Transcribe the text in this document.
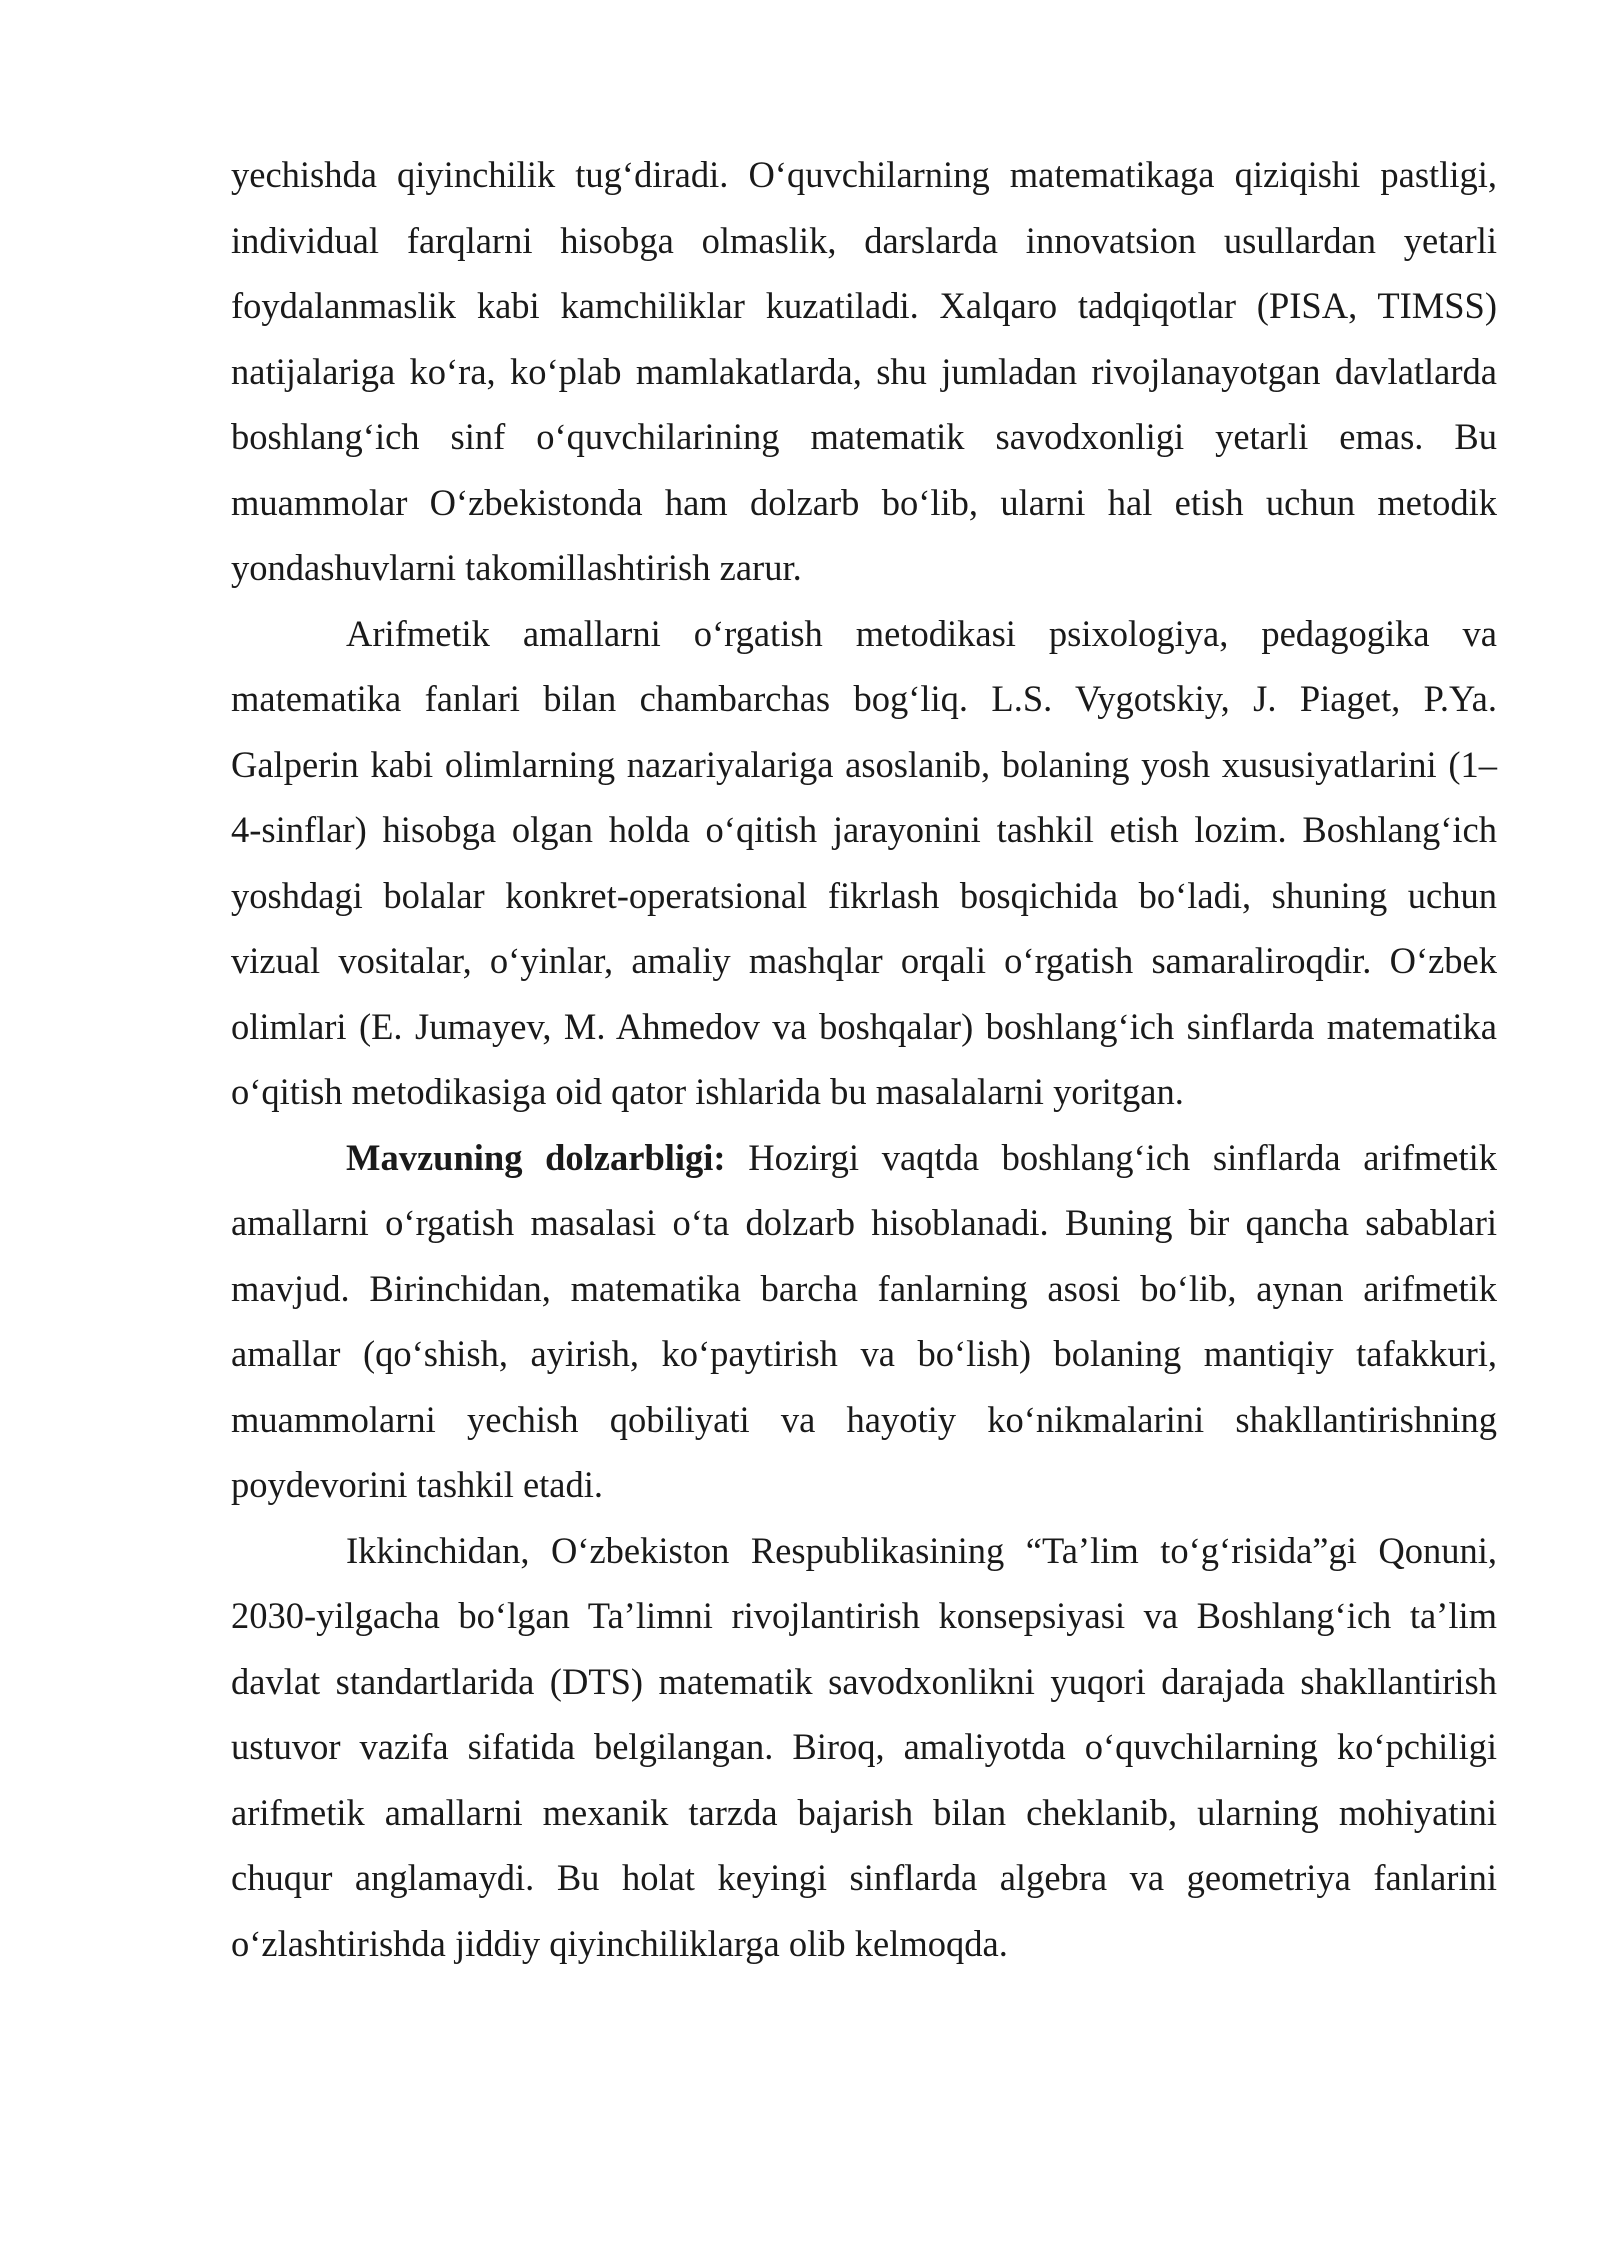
yechishda qiyinchilik tug‘diradi. O‘quvchilarning matematikaga qiziqishi pastligi, individual farqlarni hisobga olmaslik, darslarda innovatsion usullardan yetarli foydalanmaslik kabi kamchiliklar kuzatiladi. Xalqaro tadqiqotlar (PISA, TIMSS) natijalariga ko‘ra, ko‘plab mamlakatlarda, shu jumladan rivojlanayotgan davlatlarda boshlang‘ich sinf o‘quvchilarining matematik savodxonligi yetarli emas. Bu muammolar O‘zbekistonda ham dolzarb bo‘lib, ularni hal etish uchun metodik yondashuvlarni takomillashtirish zarur.

Arifmetik amallarni o‘rgatish metodikasi psixologiya, pedagogika va matematika fanlari bilan chambarchas bog‘liq. L.S. Vygotskiy, J. Piaget, P.Ya. Galperin kabi olimlarning nazariyalariga asoslanib, bolaning yosh xususiyatlarini (1–4-sinflar) hisobga olgan holda o‘qitish jarayonini tashkil etish lozim. Boshlang‘ich yoshdagi bolalar konkret-operatsional fikrlash bosqichida bo‘ladi, shuning uchun vizual vositalar, o‘yinlar, amaliy mashqlar orqali o‘rgatish samaraliroqdir. O‘zbek olimlari (E. Jumayev, M. Ahmedov va boshqalar) boshlang‘ich sinflarda matematika o‘qitish metodikasiga oid qator ishlarida bu masalalarni yoritgan.

Mavzuning dolzarbligi: Hozirgi vaqtda boshlang‘ich sinflarda arifmetik amallarni o‘rgatish masalasi o‘ta dolzarb hisoblanadi. Buning bir qancha sabablari mavjud. Birinchidan, matematika barcha fanlarning asosi bo‘lib, aynan arifmetik amallar (qo‘shish, ayirish, ko‘paytirish va bo‘lish) bolaning mantiqiy tafakkuri, muammolarni yechish qobiliyati va hayotiy ko‘nikmalarini shakllantirishning poydevorini tashkil etadi.

Ikkinchidan, O‘zbekiston Respublikasining “Ta’lim to‘g‘risida”gi Qonuni, 2030-yilgacha bo‘lgan Ta’limni rivojlantirish konsepsiyasi va Boshlang‘ich ta’lim davlat standartlarida (DTS) matematik savodxonlikni yuqori darajada shakllantirish ustuvor vazifa sifatida belgilangan. Biroq, amaliyotda o‘quvchilarning ko‘pchiligi arifmetik amallarni mexanik tarzda bajarish bilan cheklanib, ularning mohiyatini chuqur anglamaydi. Bu holat keyingi sinflarda algebra va geometriya fanlarini o‘zlashtirishda jiddiy qiyinchiliklarga olib kelmoqda.
